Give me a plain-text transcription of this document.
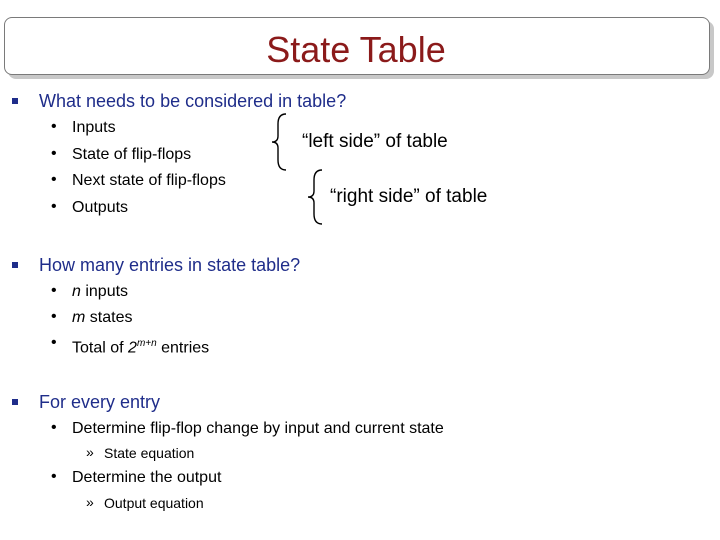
State Table
What needs to be considered in table?
• Inputs
• State of flip-flops
• Next state of flip-flops
• Outputs
“left side” of table
“right side” of table
How many entries in state table?
• n inputs
• m states
• Total of $2^{m+n}$ entries
For every entry
• Determine flip-flop change by input and current state
» State equation
• Determine the output
» Output equation
